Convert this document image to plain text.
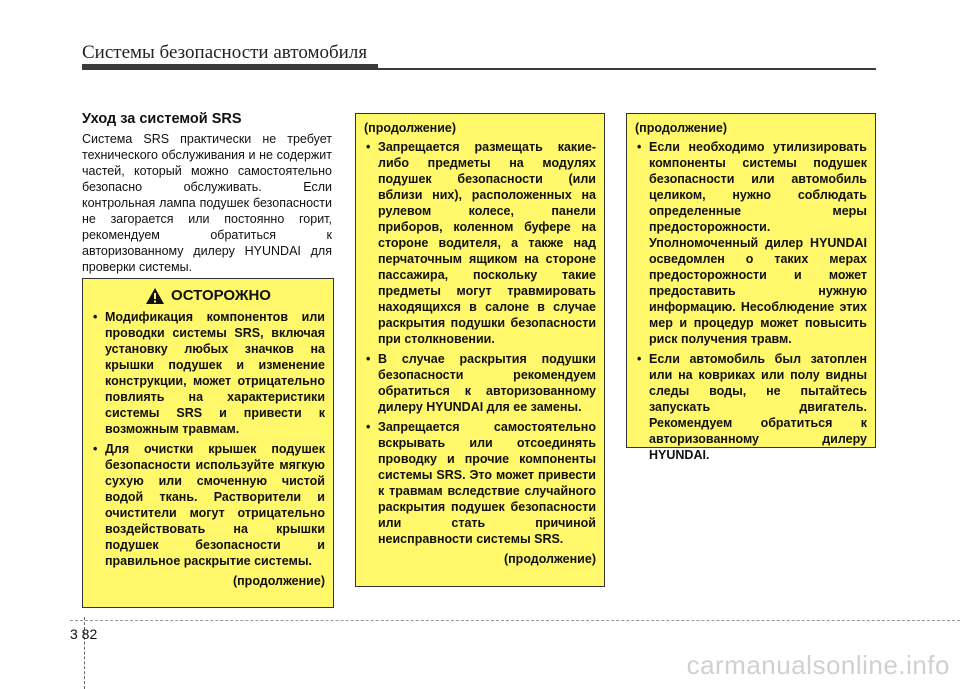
Системы безопасности автомобиля
Уход за системой SRS
Система SRS практически не требует технического обслуживания и не содержит частей, который можно самостоятельно безопасно обслуживать. Если контрольная лампа подушек безопасности не загорается или постоянно горит, рекомендуем обратиться к авторизованному дилеру HYUNDAI для проверки системы.
ОСТОРОЖНО
• Модификация компонентов или проводки системы SRS, включая установку любых значков на крышки подушек и изменение конструкции, может отрицательно повлиять на характеристики системы SRS и привести к возможным травмам.
• Для очистки крышек подушек безопасности используйте мягкую сухую или смоченную чистой водой ткань. Растворители и очистители могут отрицательно воздействовать на крышки подушек безопасности и правильное раскрытие системы.
(продолжение)
(продолжение)
• Запрещается размещать какие-либо предметы на модулях подушек безопасности (или вблизи них), расположенных на рулевом колесе, панели приборов, коленном буфере на стороне водителя, а также над перчаточным ящиком на стороне пассажира, поскольку такие предметы могут травмировать находящихся в салоне в случае раскрытия подушки безопасности при столкновении.
• В случае раскрытия подушки безопасности рекомендуем обратиться к авторизованному дилеру HYUNDAI для ее замены.
• Запрещается самостоятельно вскрывать или отсоединять проводку и прочие компоненты системы SRS. Это может привести к травмам вследствие случайного раскрытия подушек безопасности или стать причиной неисправности системы SRS.
(продолжение)
(продолжение)
• Если необходимо утилизировать компоненты системы подушек безопасности или автомобиль целиком, нужно соблюдать определенные меры предосторожности. Уполномоченный дилер HYUNDAI осведомлен о таких мерах предосторожности и может предоставить нужную информацию. Несоблюдение этих мер и процедур может повысить риск получения травм.
• Если автомобиль был затоплен или на ковриках или полу видны следы воды, не пытайтесь запускать двигатель. Рекомендуем обратиться к авторизованному дилеру HYUNDAI.
3 82
carmanualsonline.info
